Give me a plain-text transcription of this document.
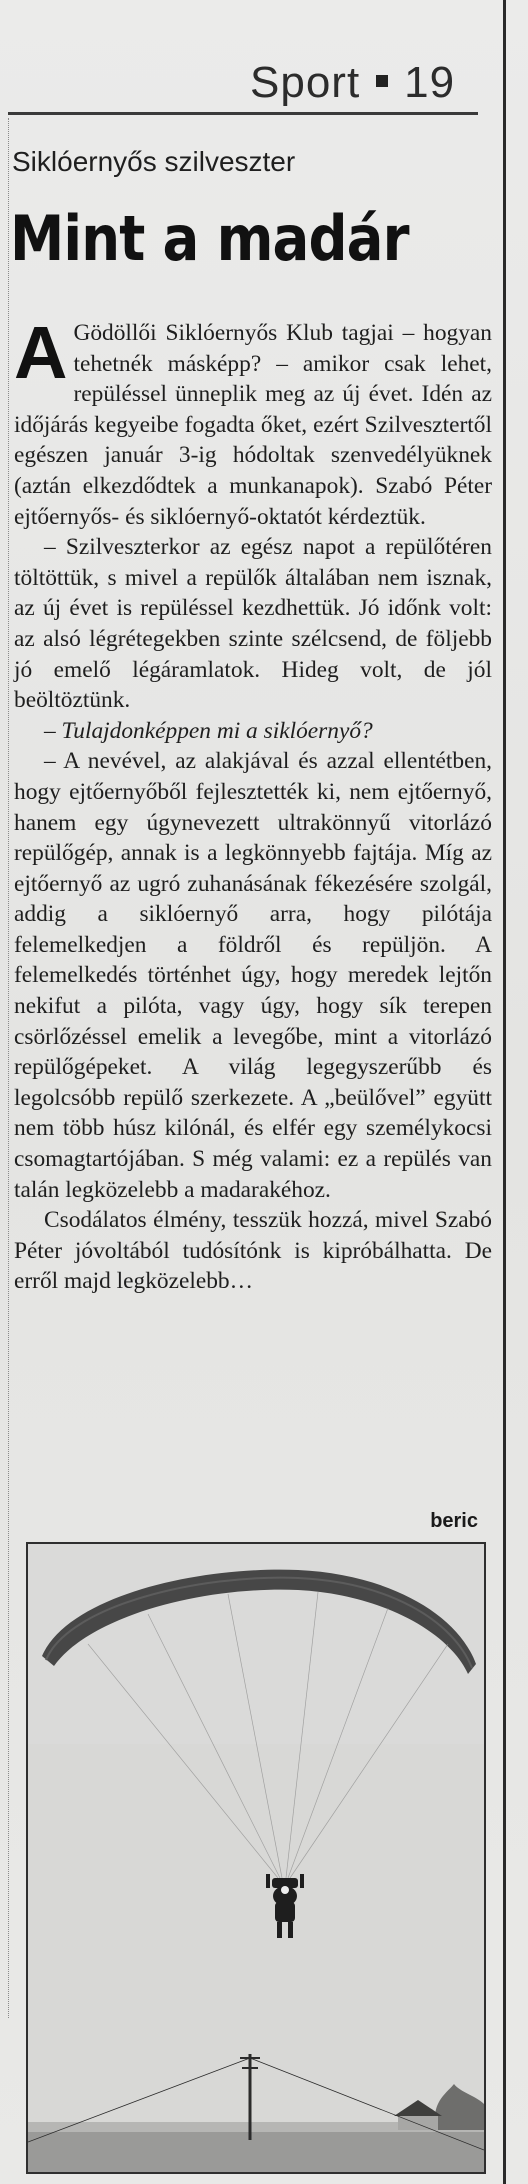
Sport 19
Siklóernyős szilveszter
Mint a madár

A Gödöllői Siklóernyős Klub tagjai – hogyan tehetnék másképp? – amikor csak lehet, repüléssel ünneplik meg az új évet. Idén az időjárás kegyeibe fogadta őket, ezért Szilvesztertől egészen január 3-ig hódoltak szenvedélyüknek (aztán elkezdődtek a munkanapok). Szabó Péter ejtőernyős- és siklóernyő-oktatót kérdeztük.

– Szilveszterkor az egész napot a repülőtéren töltöttük, s mivel a repülők általában nem isznak, az új évet is repüléssel kezdhettük. Jó időnk volt: az alsó légrétegekben szinte szélcsend, de följebb jó emelő légáramlatok. Hideg volt, de jól beöltöztünk.

– Tulajdonképpen mi a siklóernyő?

– A nevével, az alakjával és azzal ellentétben, hogy ejtőernyőből fejlesztették ki, nem ejtőernyő, hanem egy úgynevezett ultrakönnyű vitorlázó repülőgép, annak is a legkönnyebb fajtája. Míg az ejtőernyő az ugró zuhanásának fékezésére szolgál, addig a siklóernyő arra, hogy pilótája felemelkedjen a földről és repüljön. A felemelkedés történhet úgy, hogy meredek lejtőn nekifut a pilóta, vagy úgy, hogy sík terepen csörlőzéssel emelik a levegőbe, mint a vitorlázó repülőgépeket. A világ legegyszerűbb és legolcsóbb repülő szerkezete. A „beülővel” együtt nem több húsz kilónál, és elfér egy személykocsi csomagtartójában. S még valami: ez a repülés van talán legközelebb a madarakéhoz.

Csodálatos élmény, tesszük hozzá, mivel Szabó Péter jóvoltából tudósítónk is kipróbálhatta. De erről majd legközelebb…

beric
